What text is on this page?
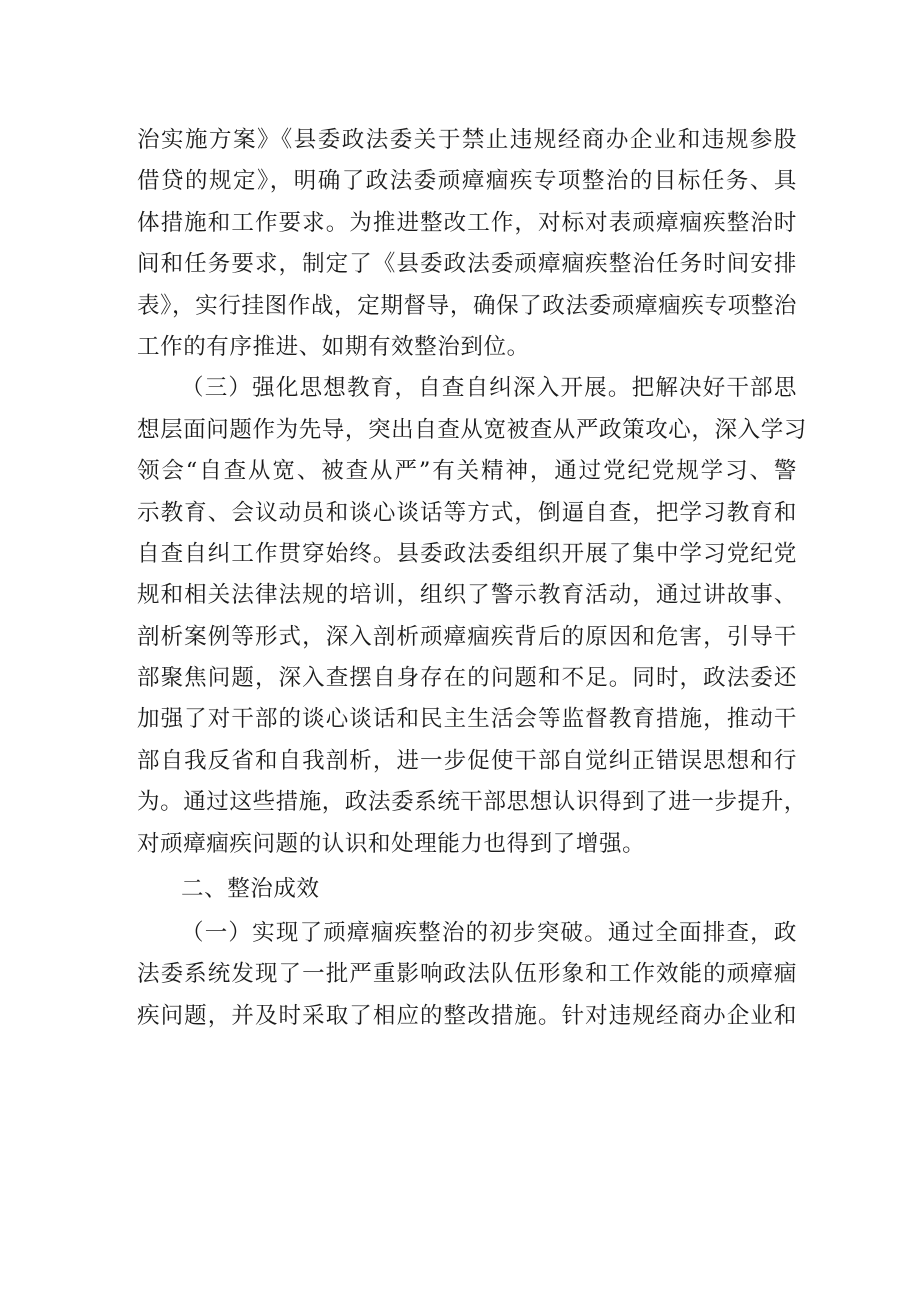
治实施方案》《县委政法委关于禁止违规经商办企业和违规参股
借贷的规定》，明确了政法委顽瘴痼疾专项整治的目标任务、具
体措施和工作要求。为推进整改工作，对标对表顽瘴痼疾整治时
间和任务要求，制定了《县委政法委顽瘴痼疾整治任务时间安排
表》，实行挂图作战，定期督导，确保了政法委顽瘴痼疾专项整治
工作的有序推进、如期有效整治到位。
（三）强化思想教育，自查自纠深入开展。把解决好干部思
想层面问题作为先导，突出自查从宽被查从严政策攻心，深入学习
领会“自查从宽、被查从严”有关精神，通过党纪党规学习、警
示教育、会议动员和谈心谈话等方式，倒逼自查，把学习教育和
自查自纠工作贯穿始终。县委政法委组织开展了集中学习党纪党
规和相关法律法规的培训，组织了警示教育活动，通过讲故事、
剖析案例等形式，深入剖析顽瘴痼疾背后的原因和危害，引导干
部聚焦问题，深入查摆自身存在的问题和不足。同时，政法委还
加强了对干部的谈心谈话和民主生活会等监督教育措施，推动干
部自我反省和自我剖析，进一步促使干部自觉纠正错误思想和行
为。通过这些措施，政法委系统干部思想认识得到了进一步提升，
对顽瘴痼疾问题的认识和处理能力也得到了增强。
二、整治成效
（一）实现了顽瘴痼疾整治的初步突破。通过全面排查，政
法委系统发现了一批严重影响政法队伍形象和工作效能的顽瘴痼
疾问题，并及时采取了相应的整改措施。针对违规经商办企业和
